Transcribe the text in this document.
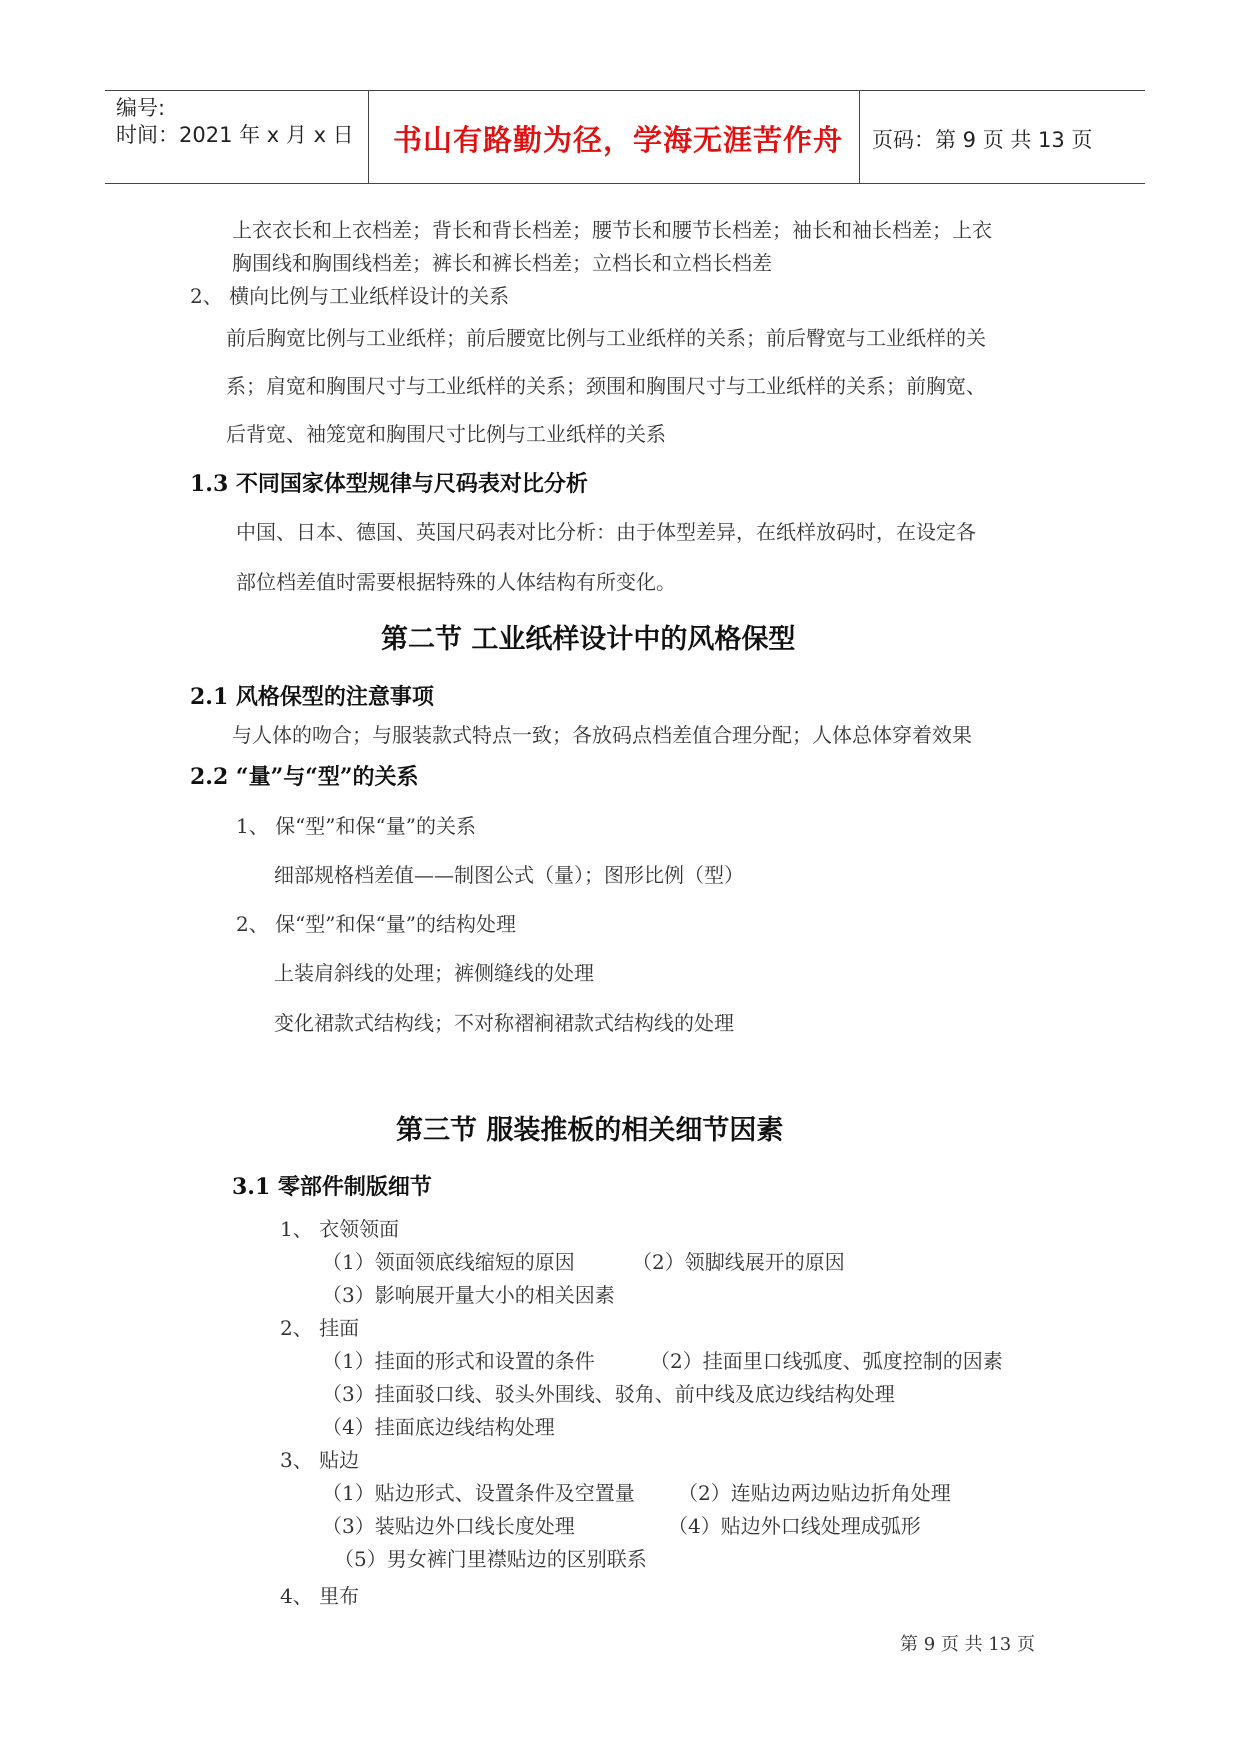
编号:
时间：2021 年 x 月 x 日 书山有路勤为径，学海无涯苦作舟 页码：第 9 页 共 13 页
上衣衣长和上衣档差；背长和背长档差；腰节长和腰节长档差；袖长和袖长档差；上衣
胸围线和胸围线档差；裤长和裤长档差；立档长和立档长档差
2、 横向比例与工业纸样设计的关系
前后胸宽比例与工业纸样；前后腰宽比例与工业纸样的关系；前后臀宽与工业纸样的关
系；肩宽和胸围尺寸与工业纸样的关系；颈围和胸围尺寸与工业纸样的关系；前胸宽、
后背宽、袖笼宽和胸围尺寸比例与工业纸样的关系
1.3 不同国家体型规律与尺码表对比分析
中国、日本、德国、英国尺码表对比分析：由于体型差异，在纸样放码时，在设定各
部位档差值时需要根据特殊的人体结构有所变化。
第二节 工业纸样设计中的风格保型
2.1 风格保型的注意事项
与人体的吻合；与服装款式特点一致；各放码点档差值合理分配；人体总体穿着效果
2.2 “量”与“型”的关系
1、 保“型”和保“量”的关系
细部规格档差值——制图公式（量）；图形比例（型）
2、 保“型”和保“量”的结构处理
上装肩斜线的处理；裤侧缝线的处理
变化裙款式结构线；不对称褶裥裙款式结构线的处理
第三节 服装推板的相关细节因素
3.1 零部件制版细节
1、 衣领领面
（1）领面领底线缩短的原因	（2）领脚线展开的原因
（3）影响展开量大小的相关因素
2、 挂面
（1）挂面的形式和设置的条件	（2）挂面里口线弧度、弧度控制的因素
（3）挂面驳口线、驳头外围线、驳角、前中线及底边线结构处理
（4）挂面底边线结构处理
3、 贴边
（1）贴边形式、设置条件及空置量 （2）连贴边两边贴边折角处理
（3）装贴边外口线长度处理	（4）贴边外口线处理成弧形
（5）男女裤门里襟贴边的区别联系
4、 里布
第 9 页 共 13 页
